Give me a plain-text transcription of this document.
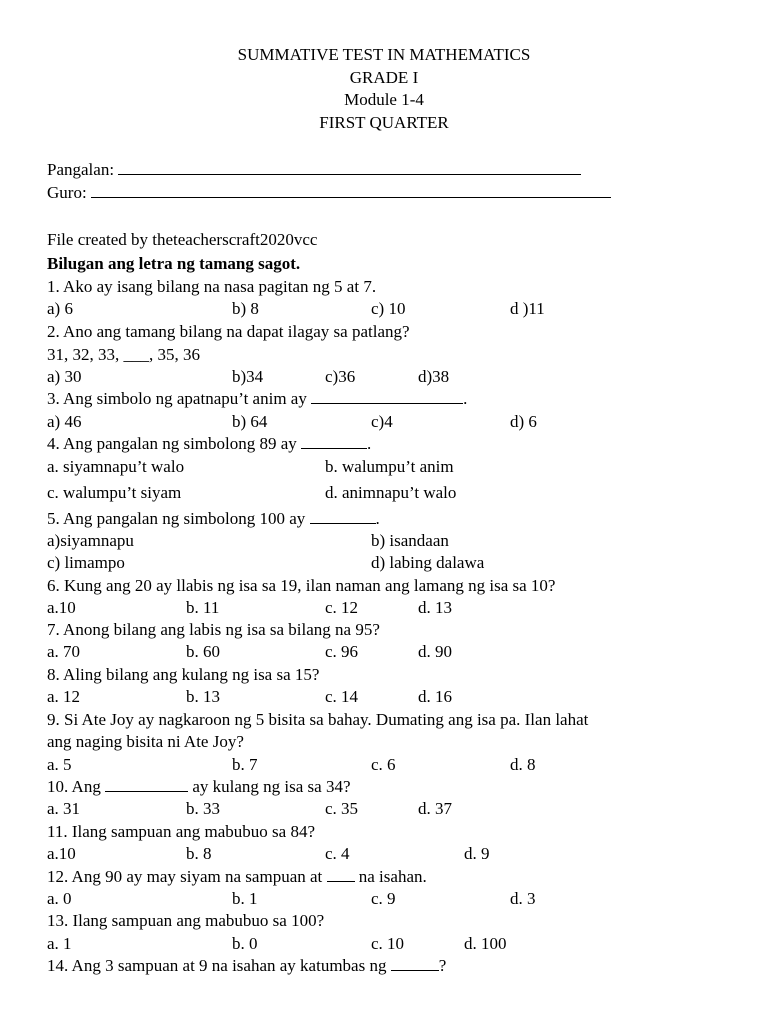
SUMMATIVE TEST IN MATHEMATICS
GRADE I
Module 1-4
FIRST QUARTER
Pangalan:
Guro:
File created by theteacherscraft2020vcc
Bilugan ang letra ng tamang sagot.
1. Ako ay isang bilang na nasa pagitan ng 5 at 7.
a) 6	b) 8	c) 10	d )11
2. Ano ang tamang bilang na dapat ilagay sa patlang?
31, 32, 33, ___, 35, 36
a) 30	b)34	c)36	d)38
3. Ang simbolo ng apatnapu’t anim ay	.
a) 46	b) 64	c)4	d) 6
4. Ang pangalan ng simbolong 89 ay	.
a. siyamnapu’t walo	b. walumpu’t anim
c. walumpu’t siyam	d. animnapu’t walo
5. Ang pangalan ng simbolong 100 ay	.
a)siyamnapu	b) isandaan
c) limampo	d) labing dalawa
6. Kung ang 20 ay llabis ng isa sa 19, ilan naman ang lamang ng isa sa 10?
a.10	b. 11	c. 12	d. 13
7. Anong bilang ang labis ng isa sa bilang na 95?
a. 70	b. 60	c. 96	d. 90
8. Aling bilang ang kulang ng isa sa 15?
a. 12	b. 13	c. 14	d. 16
9. Si Ate Joy ay nagkaroon ng 5 bisita sa bahay. Dumating ang isa pa. Ilan lahat
ang naging bisita ni Ate Joy?
a. 5	b. 7	c. 6	d. 8
10. Ang	ay kulang ng isa sa 34?
a. 31	b. 33	c. 35	d. 37
11. Ilang sampuan ang mabubuo sa 84?
a.10	b. 8	c. 4	d. 9
12. Ang 90 ay may siyam na sampuan at na isahan.
a. 0	b. 1	c. 9	d. 3
13. Ilang sampuan ang mabubuo sa 100?
a. 1	b. 0	c. 10	d. 100
14. Ang 3 sampuan at 9 na isahan ay katumbas ng	?
